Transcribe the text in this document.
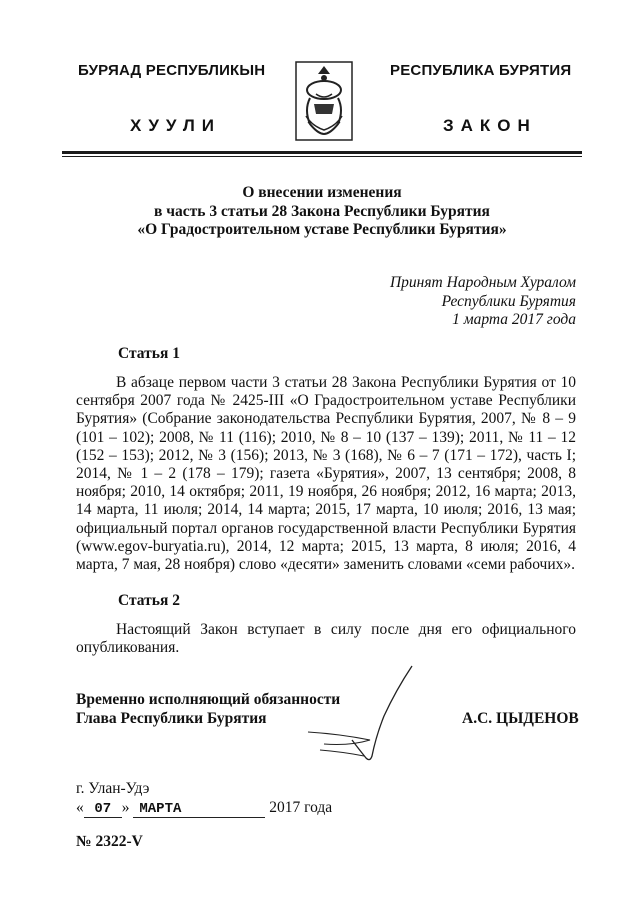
БУРЯАД РЕСПУБЛИКЫН	РЕСПУБЛИКА БУРЯТИЯ
ХУУЛИ	ЗАКОН
О внесении изменения
в часть 3 статьи 28 Закона Республики Бурятия
«О Градостроительном уставе Республики Бурятия»
Принят Народным Хуралом
Республики Бурятия
1 марта 2017 года
Статья 1
В абзаце первом части 3 статьи 28 Закона Республики Бурятия от 10 сентября 2007 года № 2425-III «О Градостроительном уставе Республики Бурятия» (Собрание законодательства Республики Бурятия, 2007, № 8 – 9 (101 – 102); 2008, № 11 (116); 2010, № 8 – 10 (137 – 139); 2011, № 11 – 12 (152 – 153); 2012, № 3 (156); 2013, № 3 (168), № 6 – 7 (171 – 172), часть I; 2014, № 1 – 2 (178 – 179); газета «Бурятия», 2007, 13 сентября; 2008, 8 ноября; 2010, 14 октября; 2011, 19 ноября, 26 ноября; 2012, 16 марта; 2013, 14 марта, 11 июля; 2014, 14 марта; 2015, 17 марта, 10 июля; 2016, 13 мая; официальный портал органов государственной власти Республики Бурятия (www.egov-buryatia.ru), 2014, 12 марта; 2015, 13 марта, 8 июля; 2016, 4 марта, 7 мая, 28 ноября) слово «десяти» заменить словами «семи рабочих».
Статья 2
Настоящий Закон вступает в силу после дня его официального опубликования.
Временно исполняющий обязанности
Глава Республики Бурятия	А.С. ЦЫДЕНОВ
г. Улан-Удэ
« 07 » МАРТА	2017 года
№ 2322-V
